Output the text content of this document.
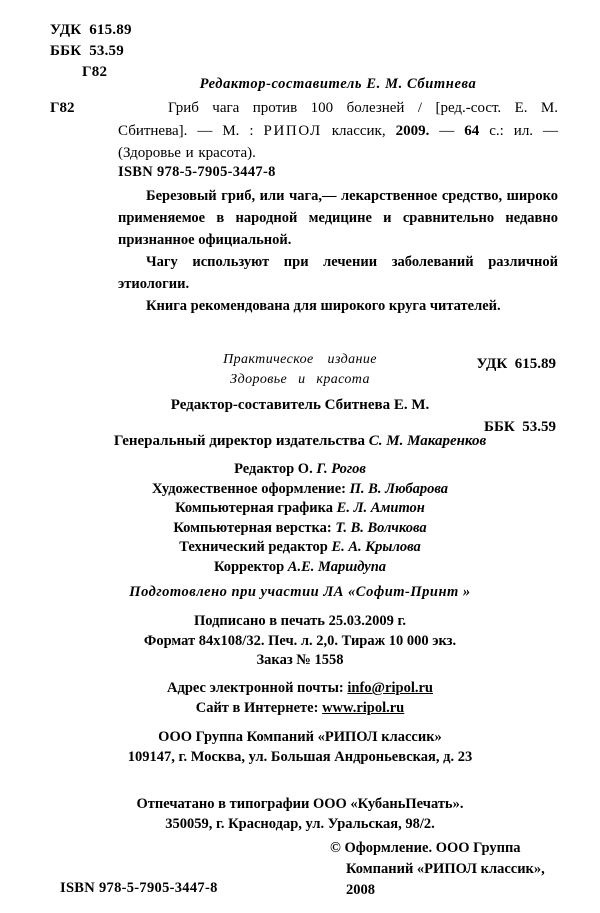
УДК  615.89
ББК  53.59
Г82
Редактор-составитель Е. М. Сбитнева
Г82	Гриб чага против 100 болезней / [ред.-сост. Е. М. Сбитнева]. — М. : РИПОЛ классик, 2009. — 64 с.: ил. — (Здоровье и красота).
ISBN 978-5-7905-3447-8

Березовый гриб, или чага,— лекарственное средство, широко применяемое в народной медицине и сравнительно недавно признанное официальной.

Чагу используют при лечении заболеваний различной этиологии.

Книга рекомендована для широкого круга читателей.

УДК  615.89

ББК  53.59

Практическое издание
Здоровье и красота
Редактор-составитель Сбитнева Е. М.
Генеральный директор издательства С. М. Макаренков
Редактор О. Г. Рогов
Художественное оформление: П. В. Любарова
Компьютерная графика Е. Л. Амитон
Компьютерная верстка: Т. В. Волчкова
Технический редактор Е. А. Крылова
Корректор А.Е. Маршдупа
Подготовлено при участии ЛА «Софит-Принт »
Подписано в печать 25.03.2009 г.
Формат 84х108/32. Печ. л. 2,0. Тираж 10 000 экз.
Заказ № 1558
Адрес электронной почты: info@ripol.ru
Сайт в Интернете: www.ripol.ru
ООО Группа Компаний «РИПОЛ классик»
109147, г. Москва, ул. Большая Андроньевская, д. 23
Отпечатано в типографии ООО «КубаньПечать».
350059, г. Краснодар, ул. Уральская, 98/2.
© Оформление. ООО Группа
Компаний «РИПОЛ классик»,
2008
ISBN 978-5-7905-3447-8
